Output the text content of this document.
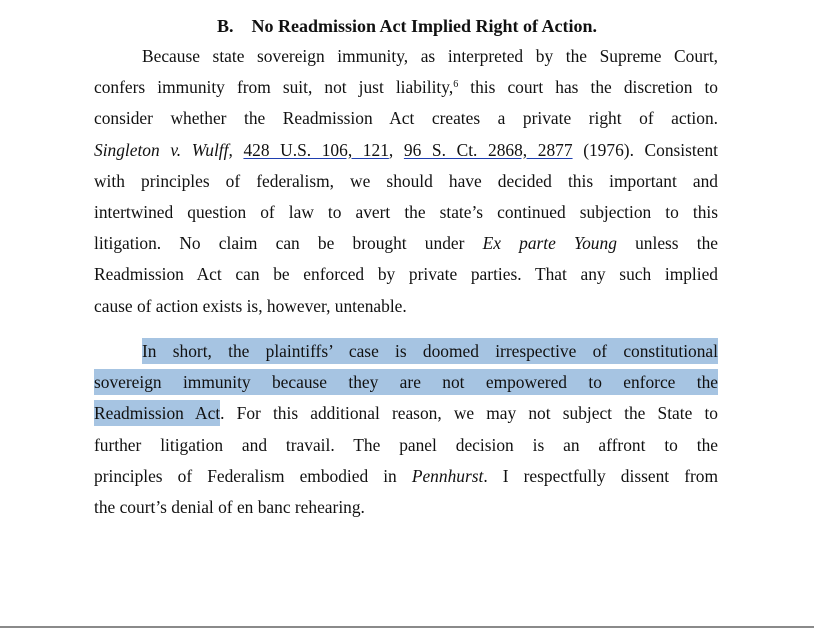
B. No Readmission Act Implied Right of Action.
Because state sovereign immunity, as interpreted by the Supreme Court,
confers immunity from suit, not just liability,$^6$ this court has the discretion to
consider whether the Readmission Act creates a private right of action.
Singleton v. Wulff, 428 U.S. 106, 121, 96 S. Ct. 2868, 2877 (1976). Consistent
with principles of federalism, we should have decided this important and
intertwined question of law to avert the state’s continued subjection to this
litigation. No claim can be brought under Ex parte Young unless the
Readmission Act can be enforced by private parties. That any such implied
cause of action exists is, however, untenable.
In short, the plaintiffs’ case is doomed irrespective of constitutional
sovereign immunity because they are not empowered to enforce the
Readmission Act. For this additional reason, we may not subject the State to
further litigation and travail. The panel decision is an affront to the
principles of Federalism embodied in Pennhurst. I respectfully dissent from
the court’s denial of en banc rehearing.
